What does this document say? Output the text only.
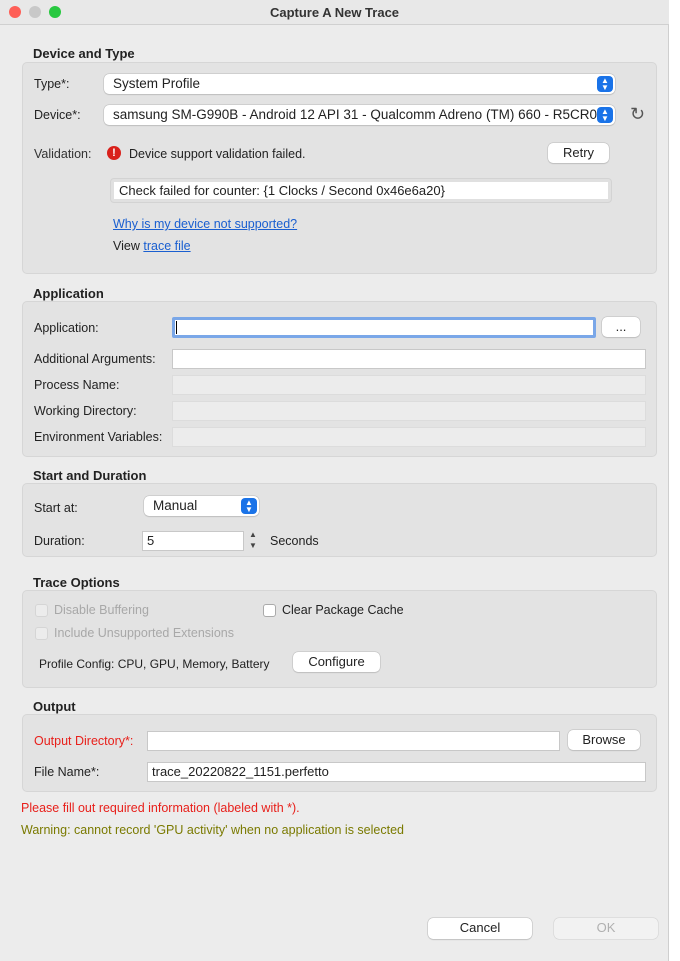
Capture A New Trace
Device and Type
Type*:	System Profile	▲
▼
Device*:	samsung SM-G990B - Android 12 API 31 - Qualcomm Adreno (TM) 660 - R5CR0 ▲
▼ ↻
Validation:	!	Device support validation failed.	Retry
Check failed for counter: {1 Clocks / Second 0x46e6a20}
Why is my device not supported?
View trace file
Application
Application:	...
Additional Arguments:
Process Name:
Working Directory:
Environment Variables:
Start and Duration
Start at:	Manual	▲
▼
Duration:	5	▲
▼ Seconds
Trace Options
Disable Buffering	Clear Package Cache
Include Unsupported Extensions
Profile Config: CPU, GPU, Memory, Battery	Configure
Output
Output Directory*:	Browse
File Name*:	trace_20220822_1151.perfetto
Please fill out required information (labeled with *).
Warning: cannot record 'GPU activity' when no application is selected
Cancel	OK
